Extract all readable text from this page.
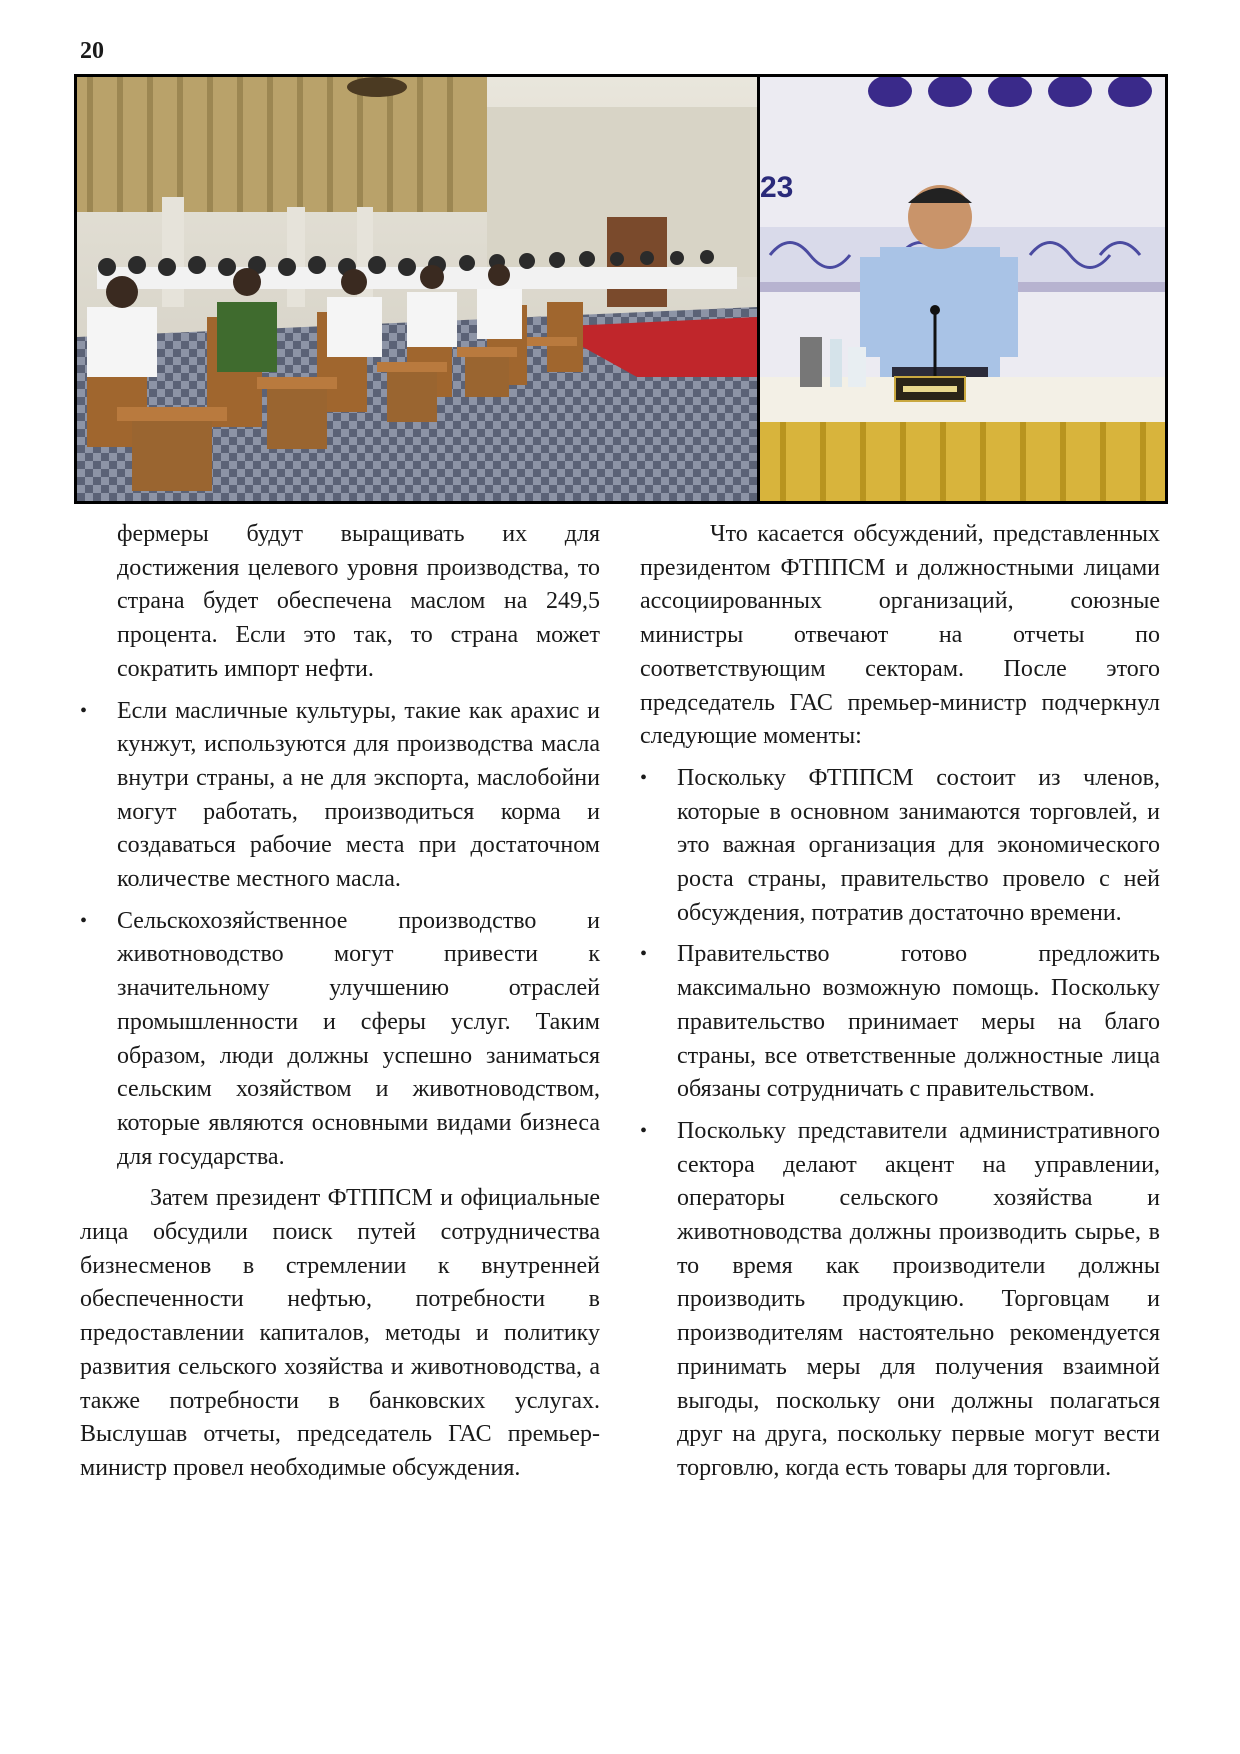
20
23

фермеры будут выращивать их для достижения целевого уровня производства, то страна будет обеспечена маслом на 249,5 процента. Если это так, то страна может сократить импорт нефти.

• Если масличные культуры, такие как арахис и кунжут, используются для производства масла внутри страны, а не для экспорта, маслобойни могут работать, производиться корма и создаваться рабочие места при достаточном количестве местного масла.
• Сельскохозяйственное производство и животноводство могут привести к значительному улучшению отраслей промышленности и сферы услуг. Таким образом, люди должны успешно заниматься сельским хозяйством и животноводством, которые являются основными видами бизнеса для государства.

Затем президент ФТППСМ и официальные лица обсудили поиск путей сотрудничества бизнесменов в стремлении к внутренней обеспеченности нефтью, потребности в предоставлении капиталов, методы и политику развития сельского хозяйства и животноводства, а также потребности в банковских услугах. Выслушав отчеты, председатель ГАС премьер-министр провел необходимые обсуждения.

Что касается обсуждений, представленных президентом ФТППСМ и должностными лицами ассоциированных организаций, союзные министры отвечают на отчеты по соответствующим секторам. После этого председатель ГАС премьер-министр подчеркнул следующие моменты:

• Поскольку ФТППСМ состоит из членов, которые в основном занимаются торговлей, и это важная организация для экономического роста страны, правительство провело с ней обсуждения, потратив достаточно времени.
• Правительство готово предложить максимально возможную помощь. Поскольку правительство принимает меры на благо страны, все ответственные должностные лица обязаны сотрудничать с правительством.
• Поскольку представители административного сектора делают акцент на управлении, операторы сельского хозяйства и животноводства должны производить сырье, в то время как производители должны производить продукцию. Торговцам и производителям настоятельно рекомендуется принимать меры для получения взаимной выгоды, поскольку они должны полагаться друг на друга, поскольку первые могут вести торговлю, когда есть товары для торговли.
